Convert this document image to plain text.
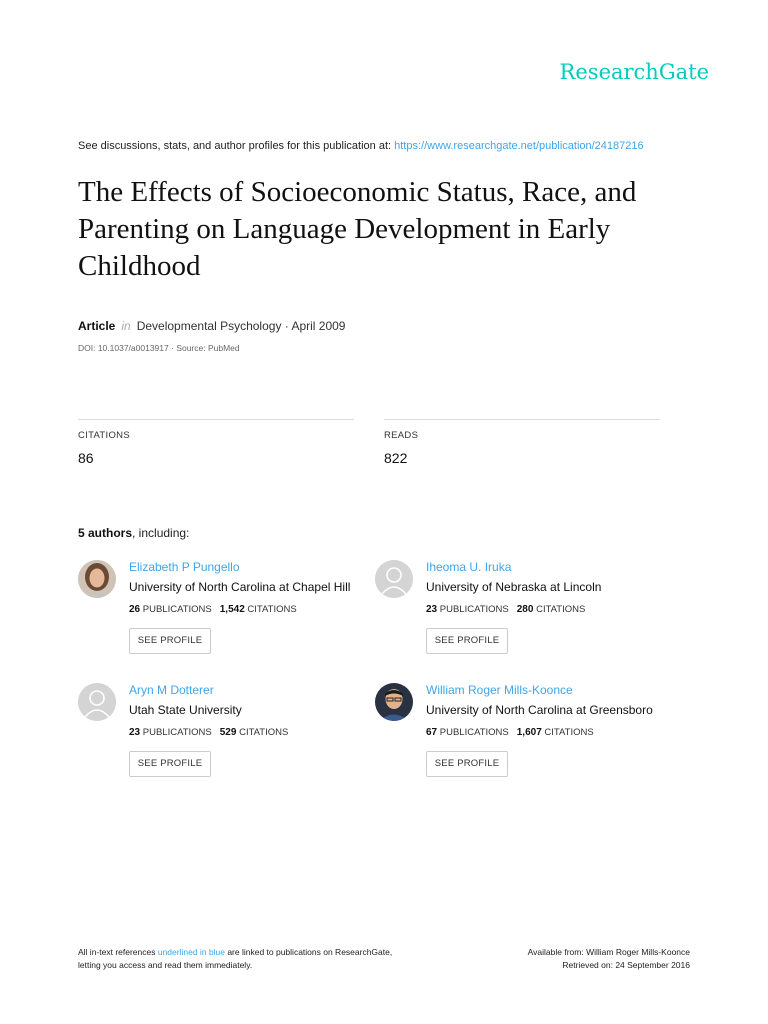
ResearchGate
See discussions, stats, and author profiles for this publication at: https://www.researchgate.net/publication/24187216
The Effects of Socioeconomic Status, Race, and Parenting on Language Development in Early Childhood
Article in Developmental Psychology · April 2009
DOI: 10.1037/a0013917 · Source: PubMed
CITATIONS
86
READS
822
5 authors, including:
Elizabeth P Pungello
University of North Carolina at Chapel Hill
26 PUBLICATIONS 1,542 CITATIONS
SEE PROFILE
Iheoma U. Iruka
University of Nebraska at Lincoln
23 PUBLICATIONS 280 CITATIONS
SEE PROFILE
Aryn M Dotterer
Utah State University
23 PUBLICATIONS 529 CITATIONS
SEE PROFILE
William Roger Mills-Koonce
University of North Carolina at Greensboro
67 PUBLICATIONS 1,607 CITATIONS
SEE PROFILE
All in-text references underlined in blue are linked to publications on ResearchGate,
letting you access and read them immediately.
Available from: William Roger Mills-Koonce
Retrieved on: 24 September 2016
